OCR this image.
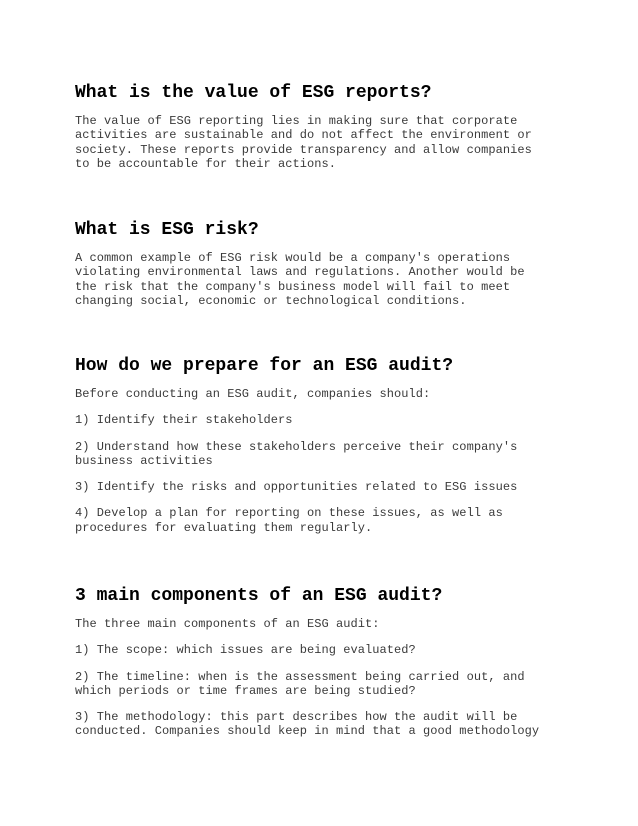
What is the value of ESG reports?

The value of ESG reporting lies in making sure that corporate
activities are sustainable and do not affect the environment or
society. These reports provide transparency and allow companies
to be accountable for their actions.

What is ESG risk?

A common example of ESG risk would be a company's operations
violating environmental laws and regulations. Another would be
the risk that the company's business model will fail to meet
changing social, economic or technological conditions.

How do we prepare for an ESG audit?

Before conducting an ESG audit, companies should:

1) Identify their stakeholders

2) Understand how these stakeholders perceive their company's
business activities

3) Identify the risks and opportunities related to ESG issues

4) Develop a plan for reporting on these issues, as well as
procedures for evaluating them regularly.

3 main components of an ESG audit?

The three main components of an ESG audit:

1) The scope: which issues are being evaluated?

2) The timeline: when is the assessment being carried out, and
which periods or time frames are being studied?

3) The methodology: this part describes how the audit will be
conducted. Companies should keep in mind that a good methodology
